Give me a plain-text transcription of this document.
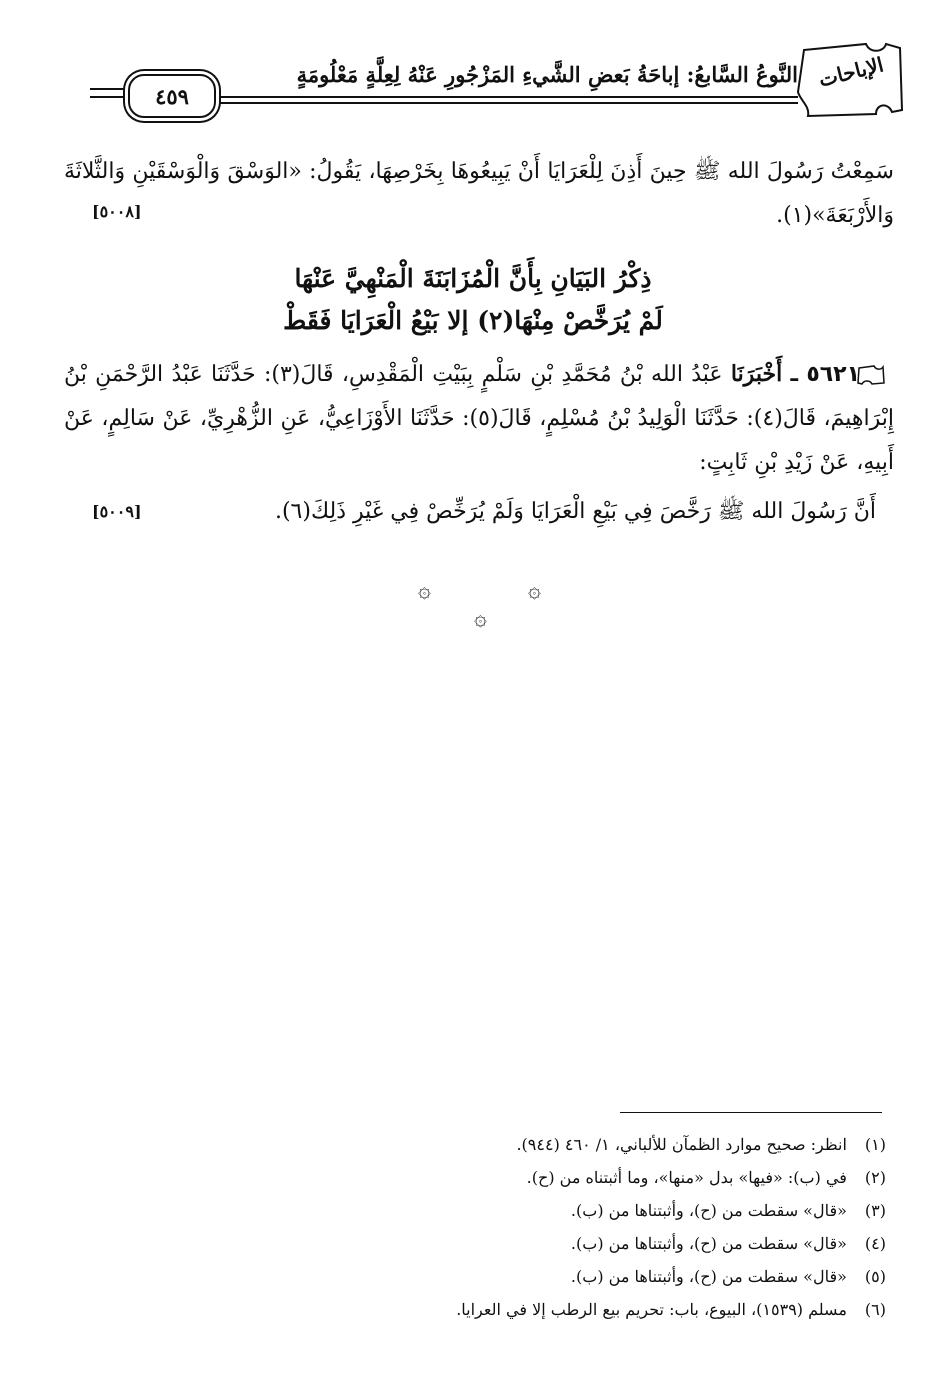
الإباحات
النَّوعُ السَّابعُ: إباحَةُ بَعضِ الشَّيءِ المَزْجُورِ عَنْهُ لِعِلَّةٍ مَعْلُومَةٍ
٤٥٩
سَمِعْتُ رَسُولَ الله ﷺ حِينَ أَذِنَ لِلْعَرَايَا أَنْ يَبِيعُوهَا بِخَرْصِهَا، يَقُولُ: «الوَسْقَ وَالْوَسْقَيْنِ وَالثَّلاثَةَ وَالأَرْبَعَةَ»(١).
[٥٠٠٨]
ذِكْرُ البَيَانِ بِأَنَّ الْمُزَابَنَةَ الْمَنْهِيَّ عَنْهَا
لَمْ يُرَخَّصْ مِنْهَا(٢) إلا بَيْعُ الْعَرَايَا فَقَطْ
٥٦٢١ ـ أَخْبَرَنَا عَبْدُ الله بْنُ مُحَمَّدِ بْنِ سَلْمٍ بِبَيْتِ الْمَقْدِسِ، قَالَ(٣): حَدَّثَنَا عَبْدُ الرَّحْمَنِ بْنُ إِبْرَاهِيمَ، قَالَ(٤): حَدَّثَنَا الْوَلِيدُ بْنُ مُسْلِمٍ، قَالَ(٥): حَدَّثَنَا الأَوْزَاعِيُّ، عَنِ الزُّهْرِيِّ، عَنْ سَالِمٍ، عَنْ أَبِيهِ، عَنْ زَيْدِ بْنِ ثَابِتٍ:
أَنَّ رَسُولَ الله ﷺ رَخَّصَ فِي بَيْعِ الْعَرَايَا وَلَمْ يُرَخِّصْ فِي غَيْرِ ذَلِكَ(٦).
[٥٠٠٩]
۞
۞
۞
(١) انظر: صحيح موارد الظمآن للألباني، ١/ ٤٦٠ (٩٤٤).
(٢) في (ب): «فيها» بدل «منها»، وما أثبتناه من (ح).
(٣) «قال» سقطت من (ح)، وأثبتناها من (ب).
(٤) «قال» سقطت من (ح)، وأثبتناها من (ب).
(٥) «قال» سقطت من (ح)، وأثبتناها من (ب).
(٦) مسلم (١٥٣٩)، البيوع، باب: تحريم بيع الرطب إلا في العرايا.
